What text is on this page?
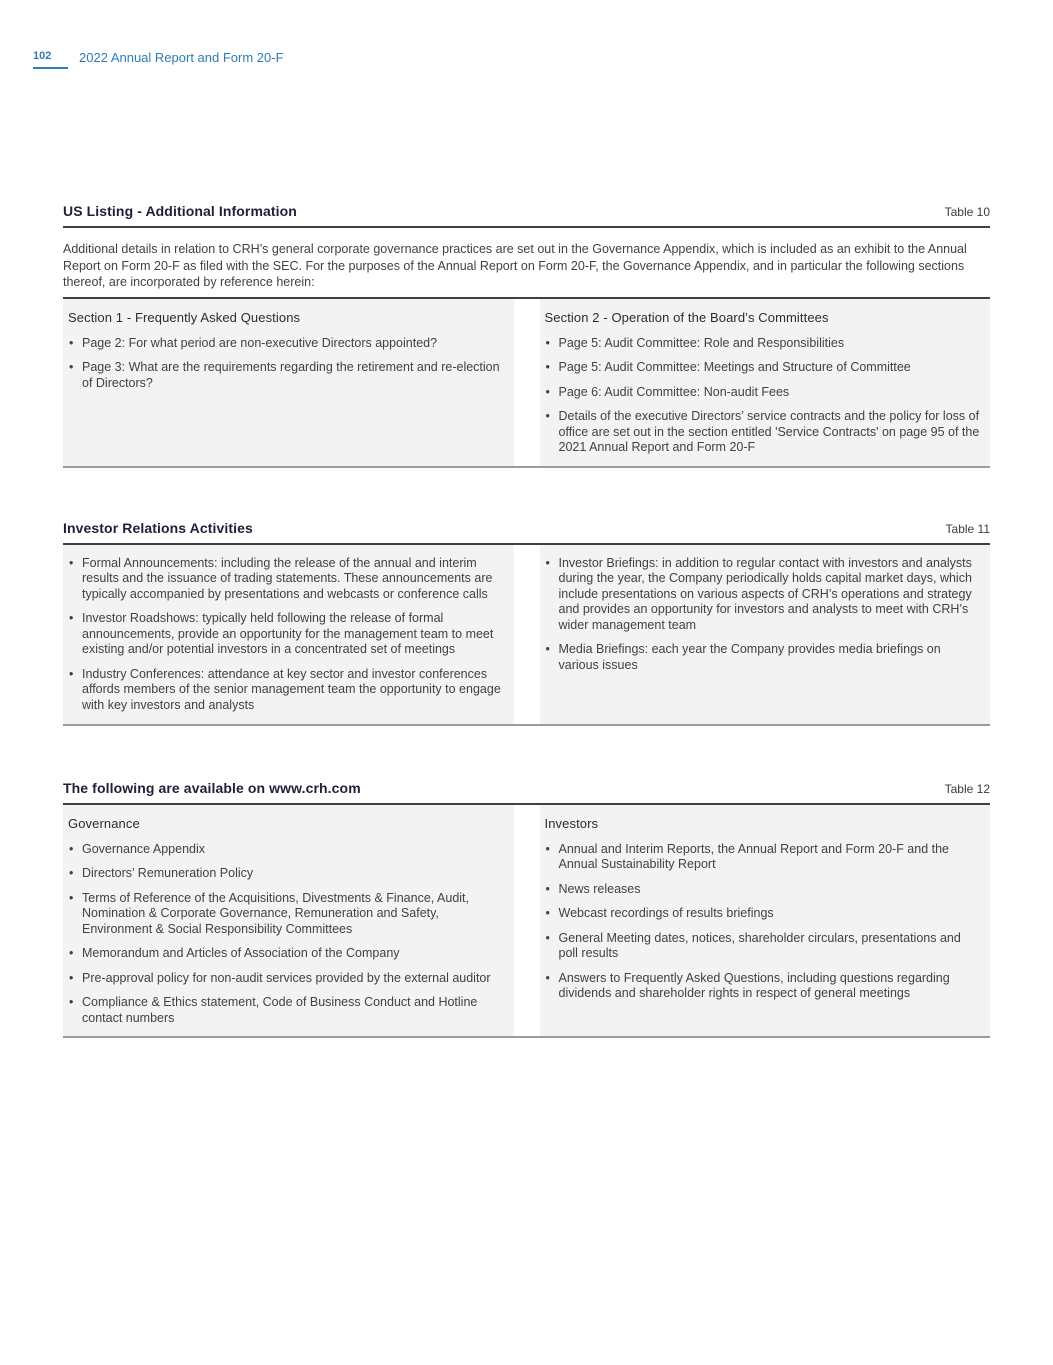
102	2022 Annual Report and Form 20-F
US Listing - Additional Information	Table 10

Additional details in relation to CRH’s general corporate governance practices are set out in the Governance Appendix, which is included as an exhibit to the Annual Report on Form 20-F as filed with the SEC. For the purposes of the Annual Report on Form 20-F, the Governance Appendix, and in particular the following sections thereof, are incorporated by reference herein:

Section 1 - Frequently Asked Questions
• Page 2: For what period are non-executive Directors appointed?
• Page 3: What are the requirements regarding the retirement and re-election of Directors?
Section 2 - Operation of the Board’s Committees
• Page 5: Audit Committee: Role and Responsibilities
• Page 5: Audit Committee: Meetings and Structure of Committee
• Page 6: Audit Committee: Non-audit Fees
• Details of the executive Directors’ service contracts and the policy for loss of office are set out in the section entitled 'Service Contracts' on page 95 of the 2021 Annual Report and Form 20-F
Investor Relations Activities	Table 11
• Formal Announcements: including the release of the annual and interim results and the issuance of trading statements. These announcements are typically accompanied by presentations and webcasts or conference calls
• Investor Roadshows: typically held following the release of formal announcements, provide an opportunity for the management team to meet existing and/or potential investors in a concentrated set of meetings
• Industry Conferences: attendance at key sector and investor conferences affords members of the senior management team the opportunity to engage with key investors and analysts
• Investor Briefings: in addition to regular contact with investors and analysts during the year, the Company periodically holds capital market days, which include presentations on various aspects of CRH’s operations and strategy and provides an opportunity for investors and analysts to meet with CRH’s wider management team
• Media Briefings: each year the Company provides media briefings on various issues
The following are available on www.crh.com	Table 12
Governance
• Governance Appendix
• Directors’ Remuneration Policy
• Terms of Reference of the Acquisitions, Divestments & Finance, Audit, Nomination & Corporate Governance, Remuneration and Safety, Environment & Social Responsibility Committees
• Memorandum and Articles of Association of the Company
• Pre-approval policy for non-audit services provided by the external auditor
• Compliance & Ethics statement, Code of Business Conduct and Hotline contact numbers
Investors
• Annual and Interim Reports, the Annual Report and Form 20-F and the Annual Sustainability Report
• News releases
• Webcast recordings of results briefings
• General Meeting dates, notices, shareholder circulars, presentations and poll results
• Answers to Frequently Asked Questions, including questions regarding dividends and shareholder rights in respect of general meetings
